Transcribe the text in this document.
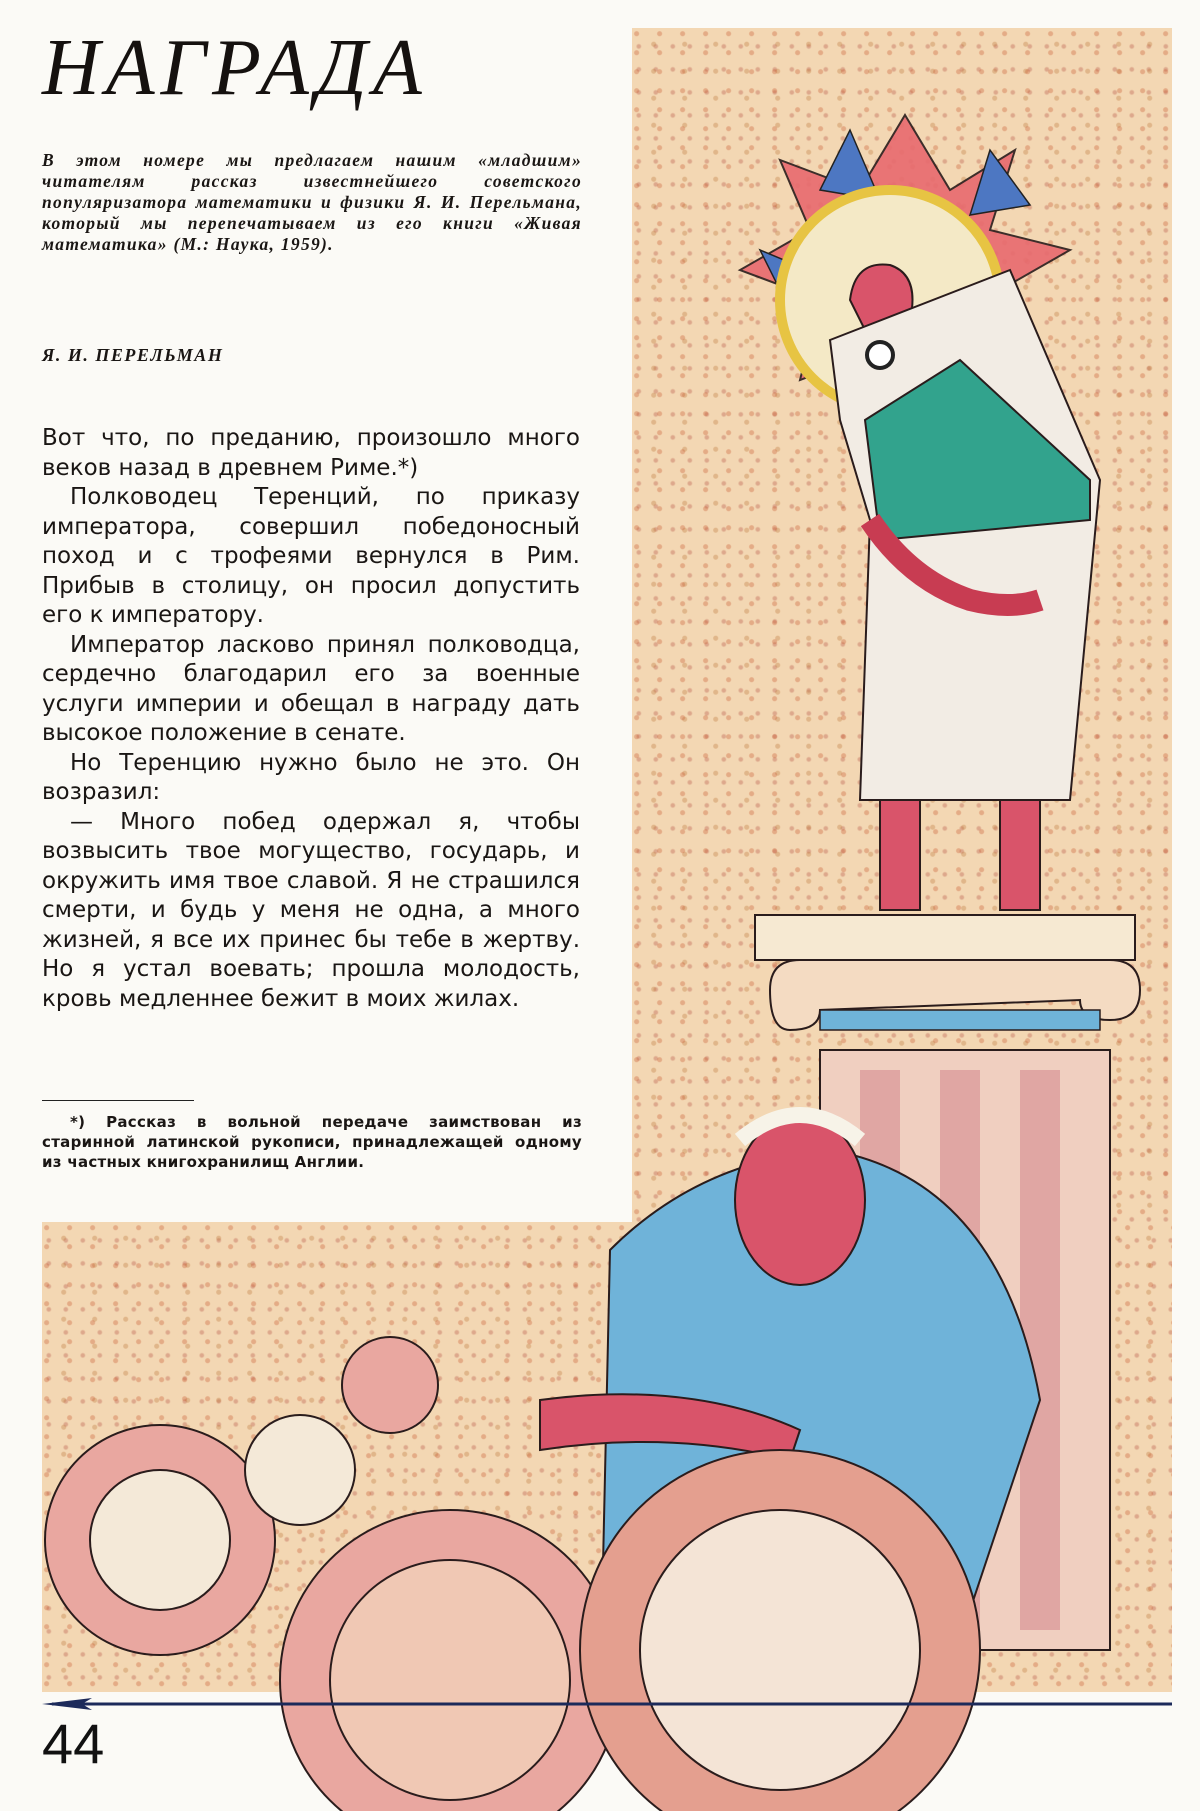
НАГРАДА

В этом номере мы предлагаем нашим «младшим» читателям рассказ известнейшего советского популяризатора математики и физики Я. И. Перельмана, который мы перепечатываем из его книги «Живая математика» (М.: Наука, 1959).

Я. И. ПЕРЕЛЬМАН

Вот что, по преданию, произошло много веков назад в древнем Риме.*)

Полководец Теренций, по приказу императора, совершил победоносный поход и с трофеями вернулся в Рим. Прибыв в столицу, он просил допустить его к императору.

Император ласково принял полководца, сердечно благодарил его за военные услуги империи и обещал в награду дать высокое положение в сенате.

Но Теренцию нужно было не это. Он возразил:

— Много побед одержал я, чтобы возвысить твое могущество, государь, и окружить имя твое славой. Я не страшился смерти, и будь у меня не одна, а много жизней, я все их принес бы тебе в жертву. Но я устал воевать; прошла молодость, кровь медленнее бежит в моих жилах.

*) Рассказ в вольной передаче заимствован из старинной латинской рукописи, принадлежащей одному из частных книгохранилищ Англии.

44
